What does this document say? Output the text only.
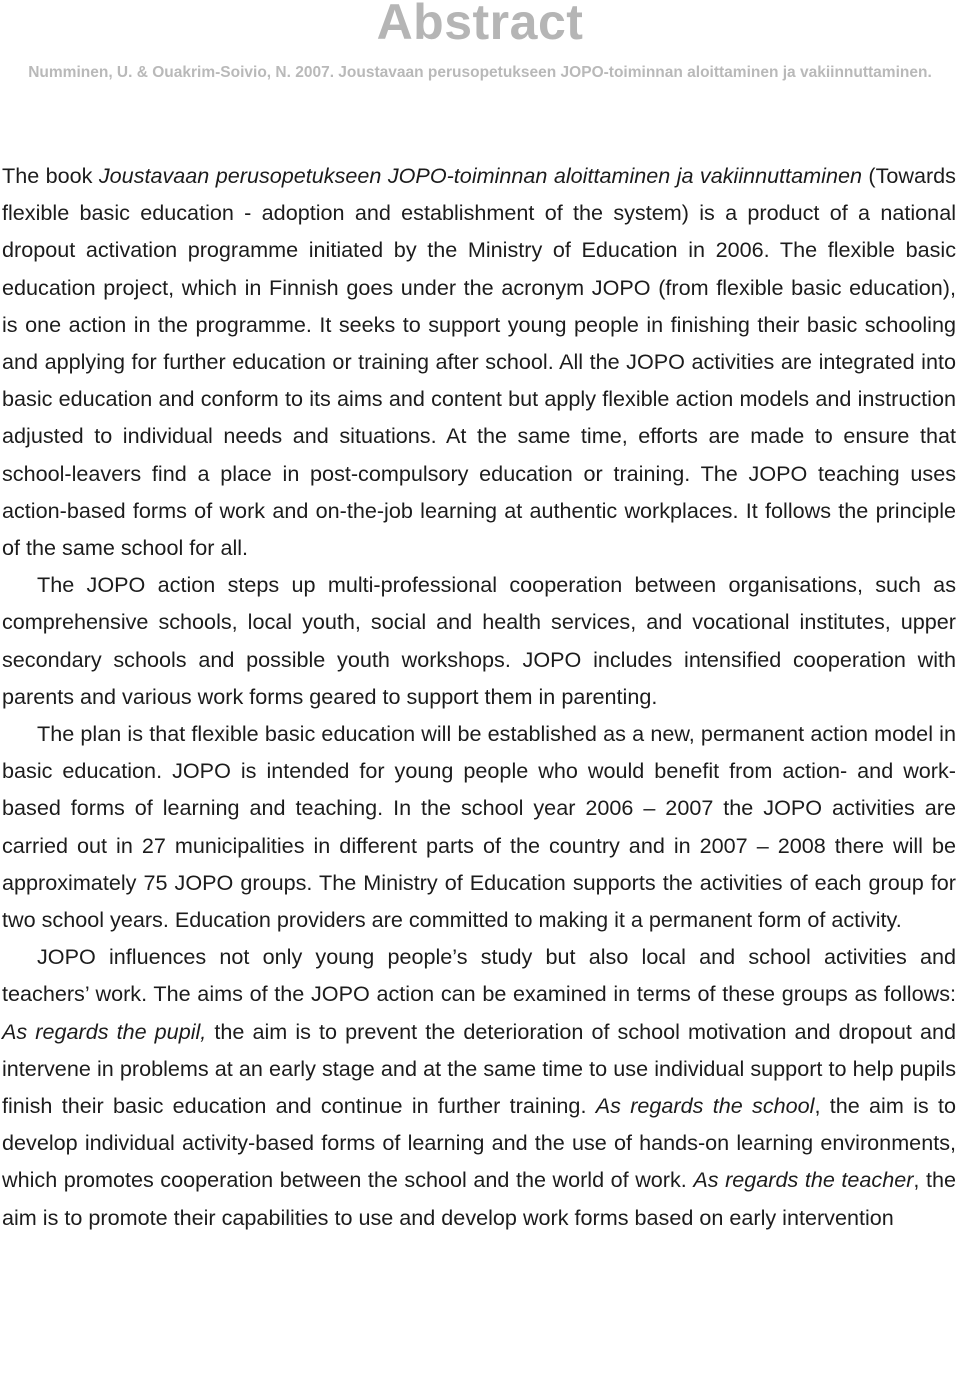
Abstract
Numminen, U. & Ouakrim-Soivio, N. 2007. Joustavaan perusopetukseen JOPO-toiminnan aloittaminen ja vakiinnuttaminen.

The book Joustavaan perusopetukseen JOPO-toiminnan aloittaminen ja vakiinnuttaminen (Towards flexible basic education - adoption and establishment of the system) is a product of a national dropout activation programme initiated by the Ministry of Education in 2006. The flexible basic education project, which in Finnish goes under the acronym JOPO (from flexible basic education), is one action in the programme. It seeks to support young people in finishing their basic schooling and applying for further education or training after school. All the JOPO activities are integrated into basic education and conform to its aims and content but apply flexible action models and instruction adjusted to individual needs and situations. At the same time, efforts are made to ensure that school-leavers find a place in post-compulsory education or training. The JOPO teaching uses action-based forms of work and on-the-job learning at authentic workplaces. It follows the principle of the same school for all.

The JOPO action steps up multi-professional cooperation between organisations, such as comprehensive schools, local youth, social and health services, and vocational institutes, upper secondary schools and possible youth workshops. JOPO includes intensified cooperation with parents and various work forms geared to support them in parenting.

The plan is that flexible basic education will be established as a new, permanent action model in basic education. JOPO is intended for young people who would benefit from action- and work-based forms of learning and teaching. In the school year 2006 – 2007 the JOPO activities are carried out in 27 municipalities in different parts of the country and in 2007 – 2008 there will be approximately 75 JOPO groups. The Ministry of Education supports the activities of each group for two school years. Education providers are committed to making it a permanent form of activity.

JOPO influences not only young people’s study but also local and school activities and teachers’ work. The aims of the JOPO action can be examined in terms of these groups as follows: As regards the pupil, the aim is to prevent the deterioration of school motivation and dropout and intervene in problems at an early stage and at the same time to use individual support to help pupils finish their basic education and continue in further training. As regards the school, the aim is to develop individual activity-based forms of learning and the use of hands-on learning environments, which promotes cooperation between the school and the world of work. As regards the teacher, the aim is to promote their capabilities to use and develop work forms based on early intervention
